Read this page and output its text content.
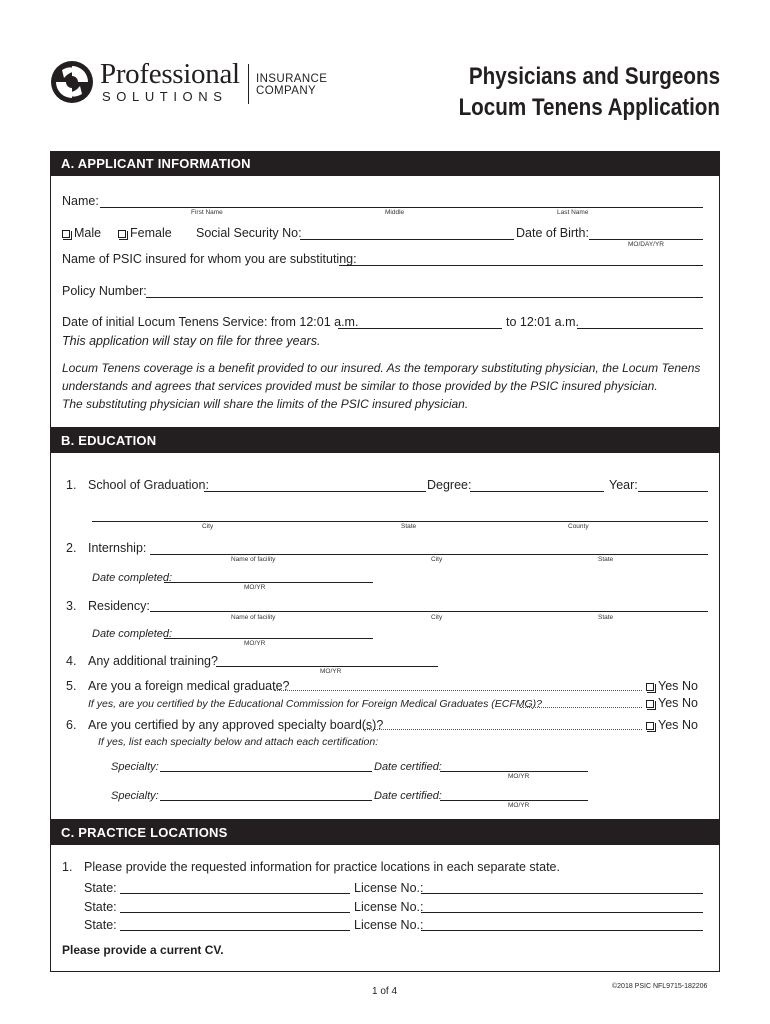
Professional
SOLUTIONS
INSURANCE
COMPANY
Physicians and Surgeons
Locum Tenens Application
A. APPLICANT INFORMATION
Name:
First Name	Middle	Last Name
Male	Female Social Security No:	Date of Birth:
MO/DAY/YR
Name of PSIC insured for whom you are substituting:
Policy Number:
Date of initial Locum Tenens Service: from 12:01 a.m.	to 12:01 a.m.
This application will stay on file for three years.
Locum Tenens coverage is a benefit provided to our insured. As the temporary substituting physician, the Locum Tenens
understands and agrees that services provided must be similar to those provided by the PSIC insured physician.
The substituting physician will share the limits of the PSIC insured physician.
B. EDUCATION
1. School of Graduation:	Degree:	Year:
City	State	County
2. Internship:
Name of facility	City	State
Date completed:
MO/YR
3. Residency:
Name of facility	City	State
Date completed:
MO/YR
4. Any additional training?
MO/YR
5. Are you a foreign medical graduate?	Yes No
If yes, are you certified by the Educational Commission for Foreign Medical Graduates (ECFMG)?	Yes No
6. Are you certified by any approved specialty board(s)?	Yes No
If yes, list each specialty below and attach each certification:
Specialty:	Date certified:
MO/YR
Specialty:	Date certified:
MO/YR
C. PRACTICE LOCATIONS
1. Please provide the requested information for practice locations in each separate state.
State:	License No.:
State:	License No.:
State:	License No.:
Please provide a current CV.
1 of 4	©2018 PSIC NFL9715-182206
